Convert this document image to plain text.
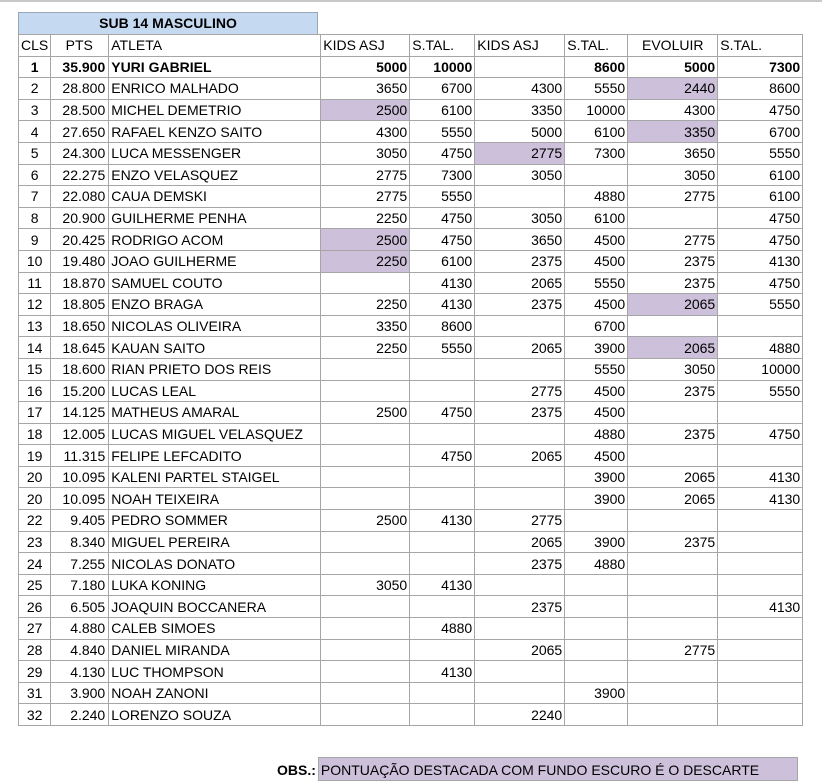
SUB 14 MASCULINO
CLS	PTS	ATLETA	KIDS ASJ	S.TAL.	KIDS ASJ	S.TAL.	EVOLUIR	S.TAL.
1	35.900	YURI GABRIEL	5000	10000		8600	5000	7300
2	28.800	ENRICO MALHADO	3650	6700	4300	5550	2440	8600
3	28.500	MICHEL DEMETRIO	2500	6100	3350	10000	4300	4750
4	27.650	RAFAEL KENZO SAITO	4300	5550	5000	6100	3350	6700
5	24.300	LUCA MESSENGER	3050	4750	2775	7300	3650	5550
6	22.275	ENZO VELASQUEZ	2775	7300	3050		3050	6100
7	22.080	CAUA DEMSKI	2775	5550		4880	2775	6100
8	20.900	GUILHERME PENHA	2250	4750	3050	6100		4750
9	20.425	RODRIGO ACOM	2500	4750	3650	4500	2775	4750
10	19.480	JOAO GUILHERME	2250	6100	2375	4500	2375	4130
11	18.870	SAMUEL COUTO		4130	2065	5550	2375	4750
12	18.805	ENZO BRAGA	2250	4130	2375	4500	2065	5550
13	18.650	NICOLAS OLIVEIRA	3350	8600		6700		
14	18.645	KAUAN SAITO	2250	5550	2065	3900	2065	4880
15	18.600	RIAN PRIETO DOS REIS				5550	3050	10000
16	15.200	LUCAS LEAL			2775	4500	2375	5550
17	14.125	MATHEUS AMARAL	2500	4750	2375	4500		
18	12.005	LUCAS MIGUEL VELASQUEZ				4880	2375	4750
19	11.315	FELIPE LEFCADITO		4750	2065	4500		
20	10.095	KALENI PARTEL STAIGEL				3900	2065	4130
20	10.095	NOAH TEIXEIRA				3900	2065	4130
22	9.405	PEDRO SOMMER	2500	4130	2775			
23	8.340	MIGUEL PEREIRA			2065	3900	2375	
24	7.255	NICOLAS DONATO			2375	4880		
25	7.180	LUKA KONING	3050	4130				
26	6.505	JOAQUIN BOCCANERA			2375			4130
27	4.880	CALEB SIMOES		4880				
28	4.840	DANIEL MIRANDA			2065		2775	
29	4.130	LUC THOMPSON		4130				
31	3.900	NOAH ZANONI				3900		
32	2.240	LORENZO SOUZA			2240			
OBS.: PONTUAÇÃO DESTACADA COM FUNDO ESCURO É O DESCARTE
